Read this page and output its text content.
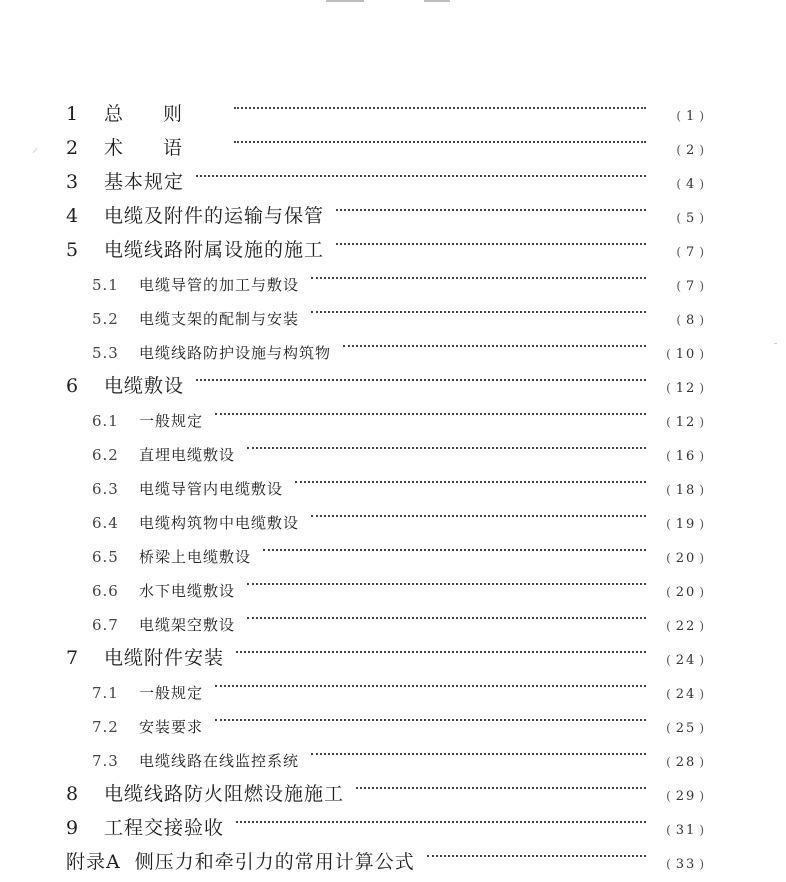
1	总则	( 1 )
2	术语	( 2 )
3	基本规定	( 4 )
4	电缆及附件的运输与保管	( 5 )
5	电缆线路附属设施的施工	( 7 )
5.1	电缆导管的加工与敷设	( 7 )
5.2	电缆支架的配制与安装	( 8 )
5.3	电缆线路防护设施与构筑物	( 10 )
6	电缆敷设	( 12 )
6.1	一般规定	( 12 )
6.2	直埋电缆敷设	( 16 )
6.3	电缆导管内电缆敷设	( 18 )
6.4	电缆构筑物中电缆敷设	( 19 )
6.5	桥梁上电缆敷设	( 20 )
6.6	水下电缆敷设	( 20 )
6.7	电缆架空敷设	( 22 )
7	电缆附件安装	( 24 )
7.1	一般规定	( 24 )
7.2	安装要求	( 25 )
7.3	电缆线路在线监控系统	( 28 )
8	电缆线路防火阻燃设施施工	( 29 )
9	工程交接验收	( 31 )
附录A 侧压力和牵引力的常用计算公式	( 33 )
